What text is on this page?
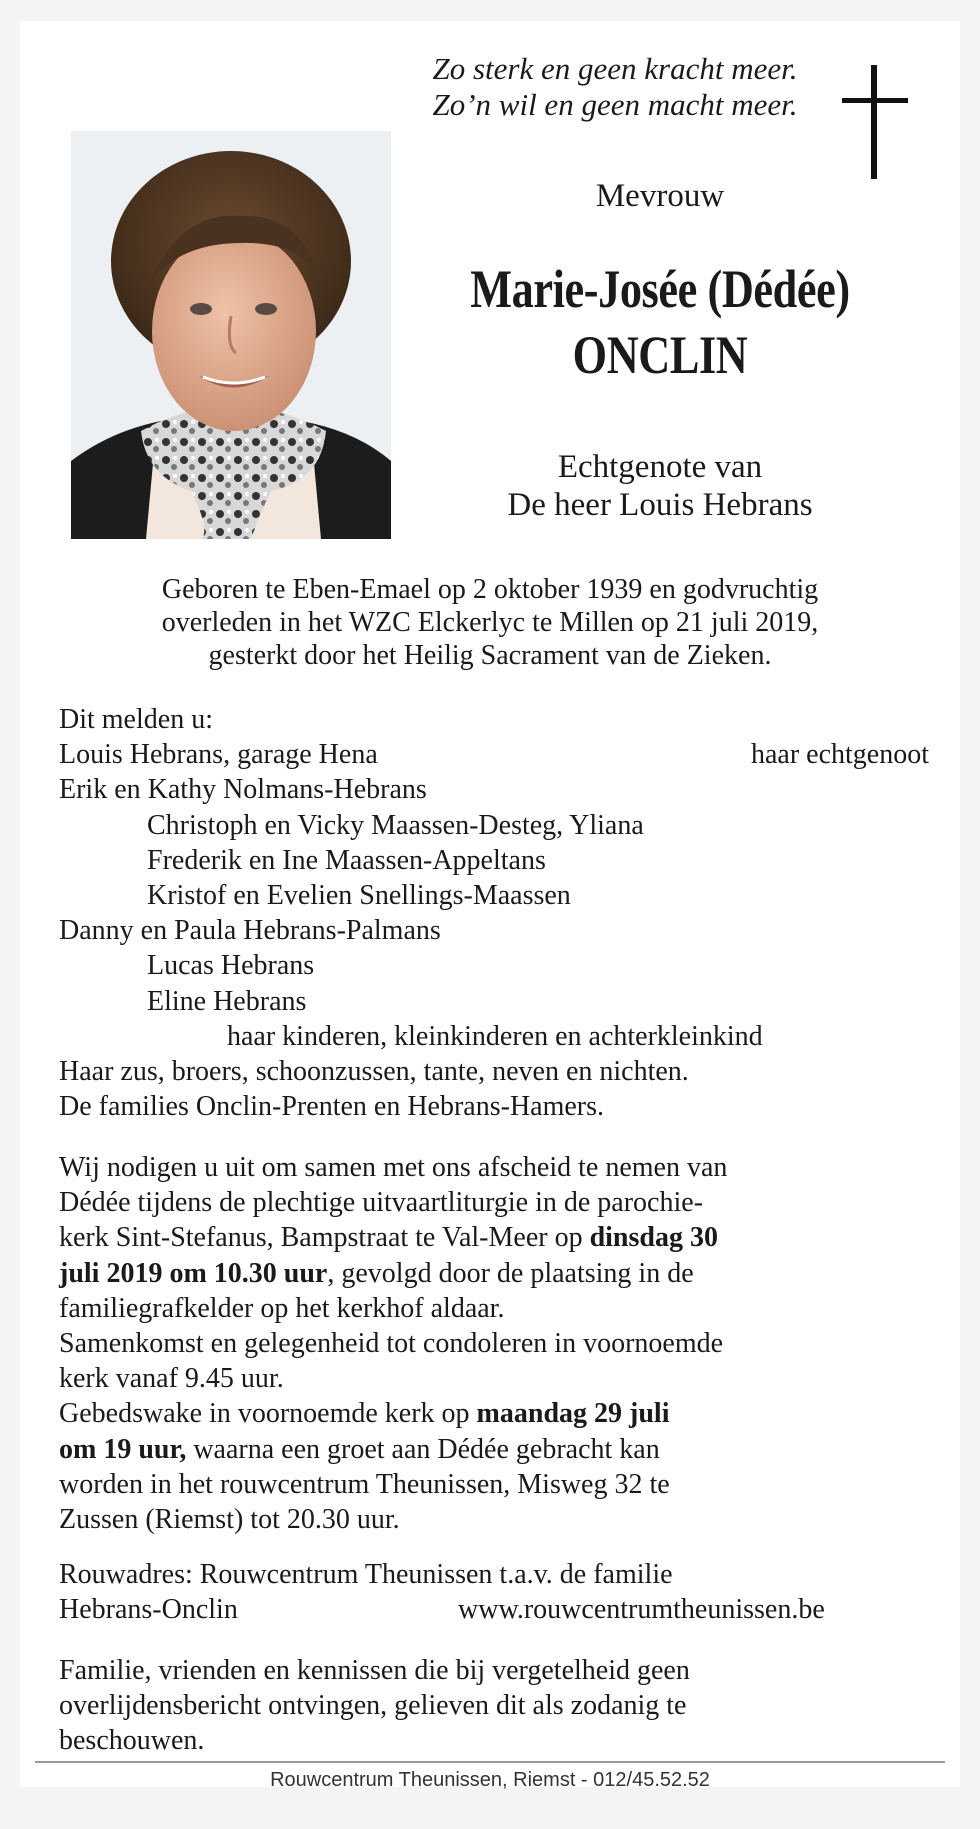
Zo sterk en geen kracht meer.
Zo’n wil en geen macht meer.
Mevrouw
Marie-Josée (Dédée)
ONCLIN
Echtgenote van
De heer Louis Hebrans
Geboren te Eben-Emael op 2 oktober 1939 en godvruchtig
overleden in het WZC Elckerlyc te Millen op 21 juli 2019,
gesterkt door het Heilig Sacrament van de Zieken.
Dit melden u:
Louis Hebrans, garage Hena	haar echtgenoot
Erik en Kathy Nolmans-Hebrans
Christoph en Vicky Maassen-Desteg, Yliana
Frederik en Ine Maassen-Appeltans
Kristof en Evelien Snellings-Maassen
Danny en Paula Hebrans-Palmans
Lucas Hebrans
Eline Hebrans
haar kinderen, kleinkinderen en achterkleinkind
Haar zus, broers, schoonzussen, tante, neven en nichten.
De families Onclin-Prenten en Hebrans-Hamers.
Wij nodigen u uit om samen met ons afscheid te nemen van
Dédée tijdens de plechtige uitvaartliturgie in de parochie-
kerk Sint-Stefanus, Bampstraat te Val-Meer op dinsdag 30
juli 2019 om 10.30 uur, gevolgd door de plaatsing in de
familiegrafkelder op het kerkhof aldaar.
Samenkomst en gelegenheid tot condoleren in voornoemde
kerk vanaf 9.45 uur.
Gebedswake in voornoemde kerk op maandag 29 juli
om 19 uur, waarna een groet aan Dédée gebracht kan
worden in het rouwcentrum Theunissen, Misweg 32 te
Zussen (Riemst) tot 20.30 uur.
Rouwadres: Rouwcentrum Theunissen t.a.v. de familie
Hebrans-Onclin	www.rouwcentrumtheunissen.be
Familie, vrienden en kennissen die bij vergetelheid geen
overlijdensbericht ontvingen, gelieven dit als zodanig te
beschouwen.
Rouwcentrum Theunissen, Riemst - 012/45.52.52
